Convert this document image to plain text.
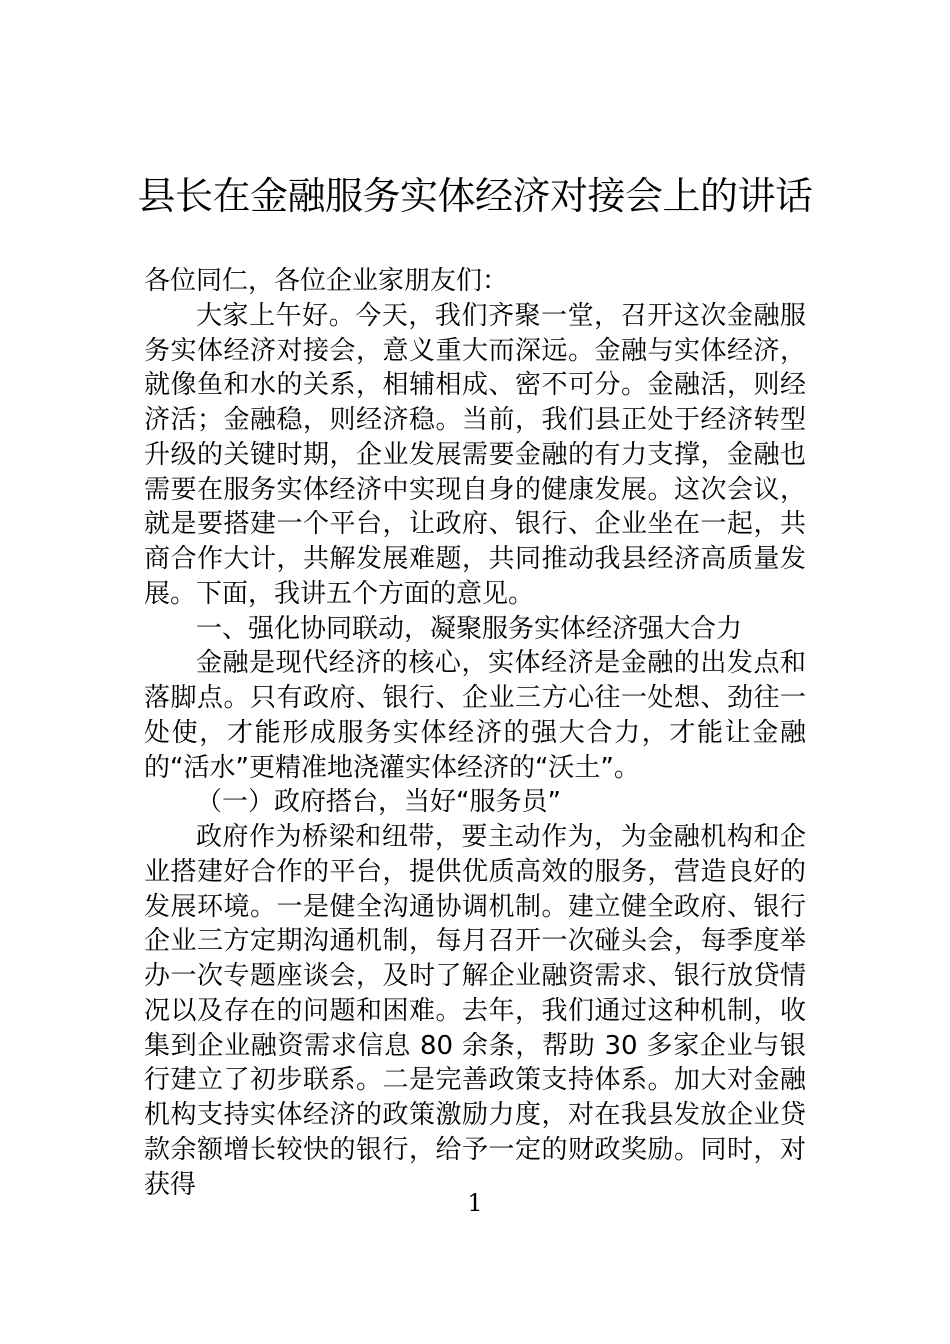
县长在金融服务实体经济对接会上的讲话

各位同仁，各位企业家朋友们：

大家上午好。今天，我们齐聚一堂，召开这次金融服务实体经济对接会，意义重大而深远。金融与实体经济，就像鱼和水的关系，相辅相成、密不可分。金融活，则经济活；金融稳，则经济稳。当前，我们县正处于经济转型升级的关键时期，企业发展需要金融的有力支撑，金融也需要在服务实体经济中实现自身的健康发展。这次会议，就是要搭建一个平台，让政府、银行、企业坐在一起，共商合作大计，共解发展难题，共同推动我县经济高质量发展。下面，我讲五个方面的意见。

一、强化协同联动，凝聚服务实体经济强大合力

金融是现代经济的核心，实体经济是金融的出发点和落脚点。只有政府、银行、企业三方心往一处想、劲往一处使，才能形成服务实体经济的强大合力，才能让金融的“活水”更精准地浇灌实体经济的“沃土”。

（一）政府搭台，当好“服务员”

政府作为桥梁和纽带，要主动作为，为金融机构和企业搭建好合作的平台，提供优质高效的服务，营造良好的发展环境。一是健全沟通协调机制。建立健全政府、银行企业三方定期沟通机制，每月召开一次碰头会，每季度举办一次专题座谈会，及时了解企业融资需求、银行放贷情况以及存在的问题和困难。去年，我们通过这种机制，收集到企业融资需求信息 80 余条，帮助 30 多家企业与银行建立了初步联系。二是完善政策支持体系。加大对金融机构支持实体经济的政策激励力度，对在我县发放企业贷款余额增长较快的银行，给予一定的财政奖励。同时，对获得

1
